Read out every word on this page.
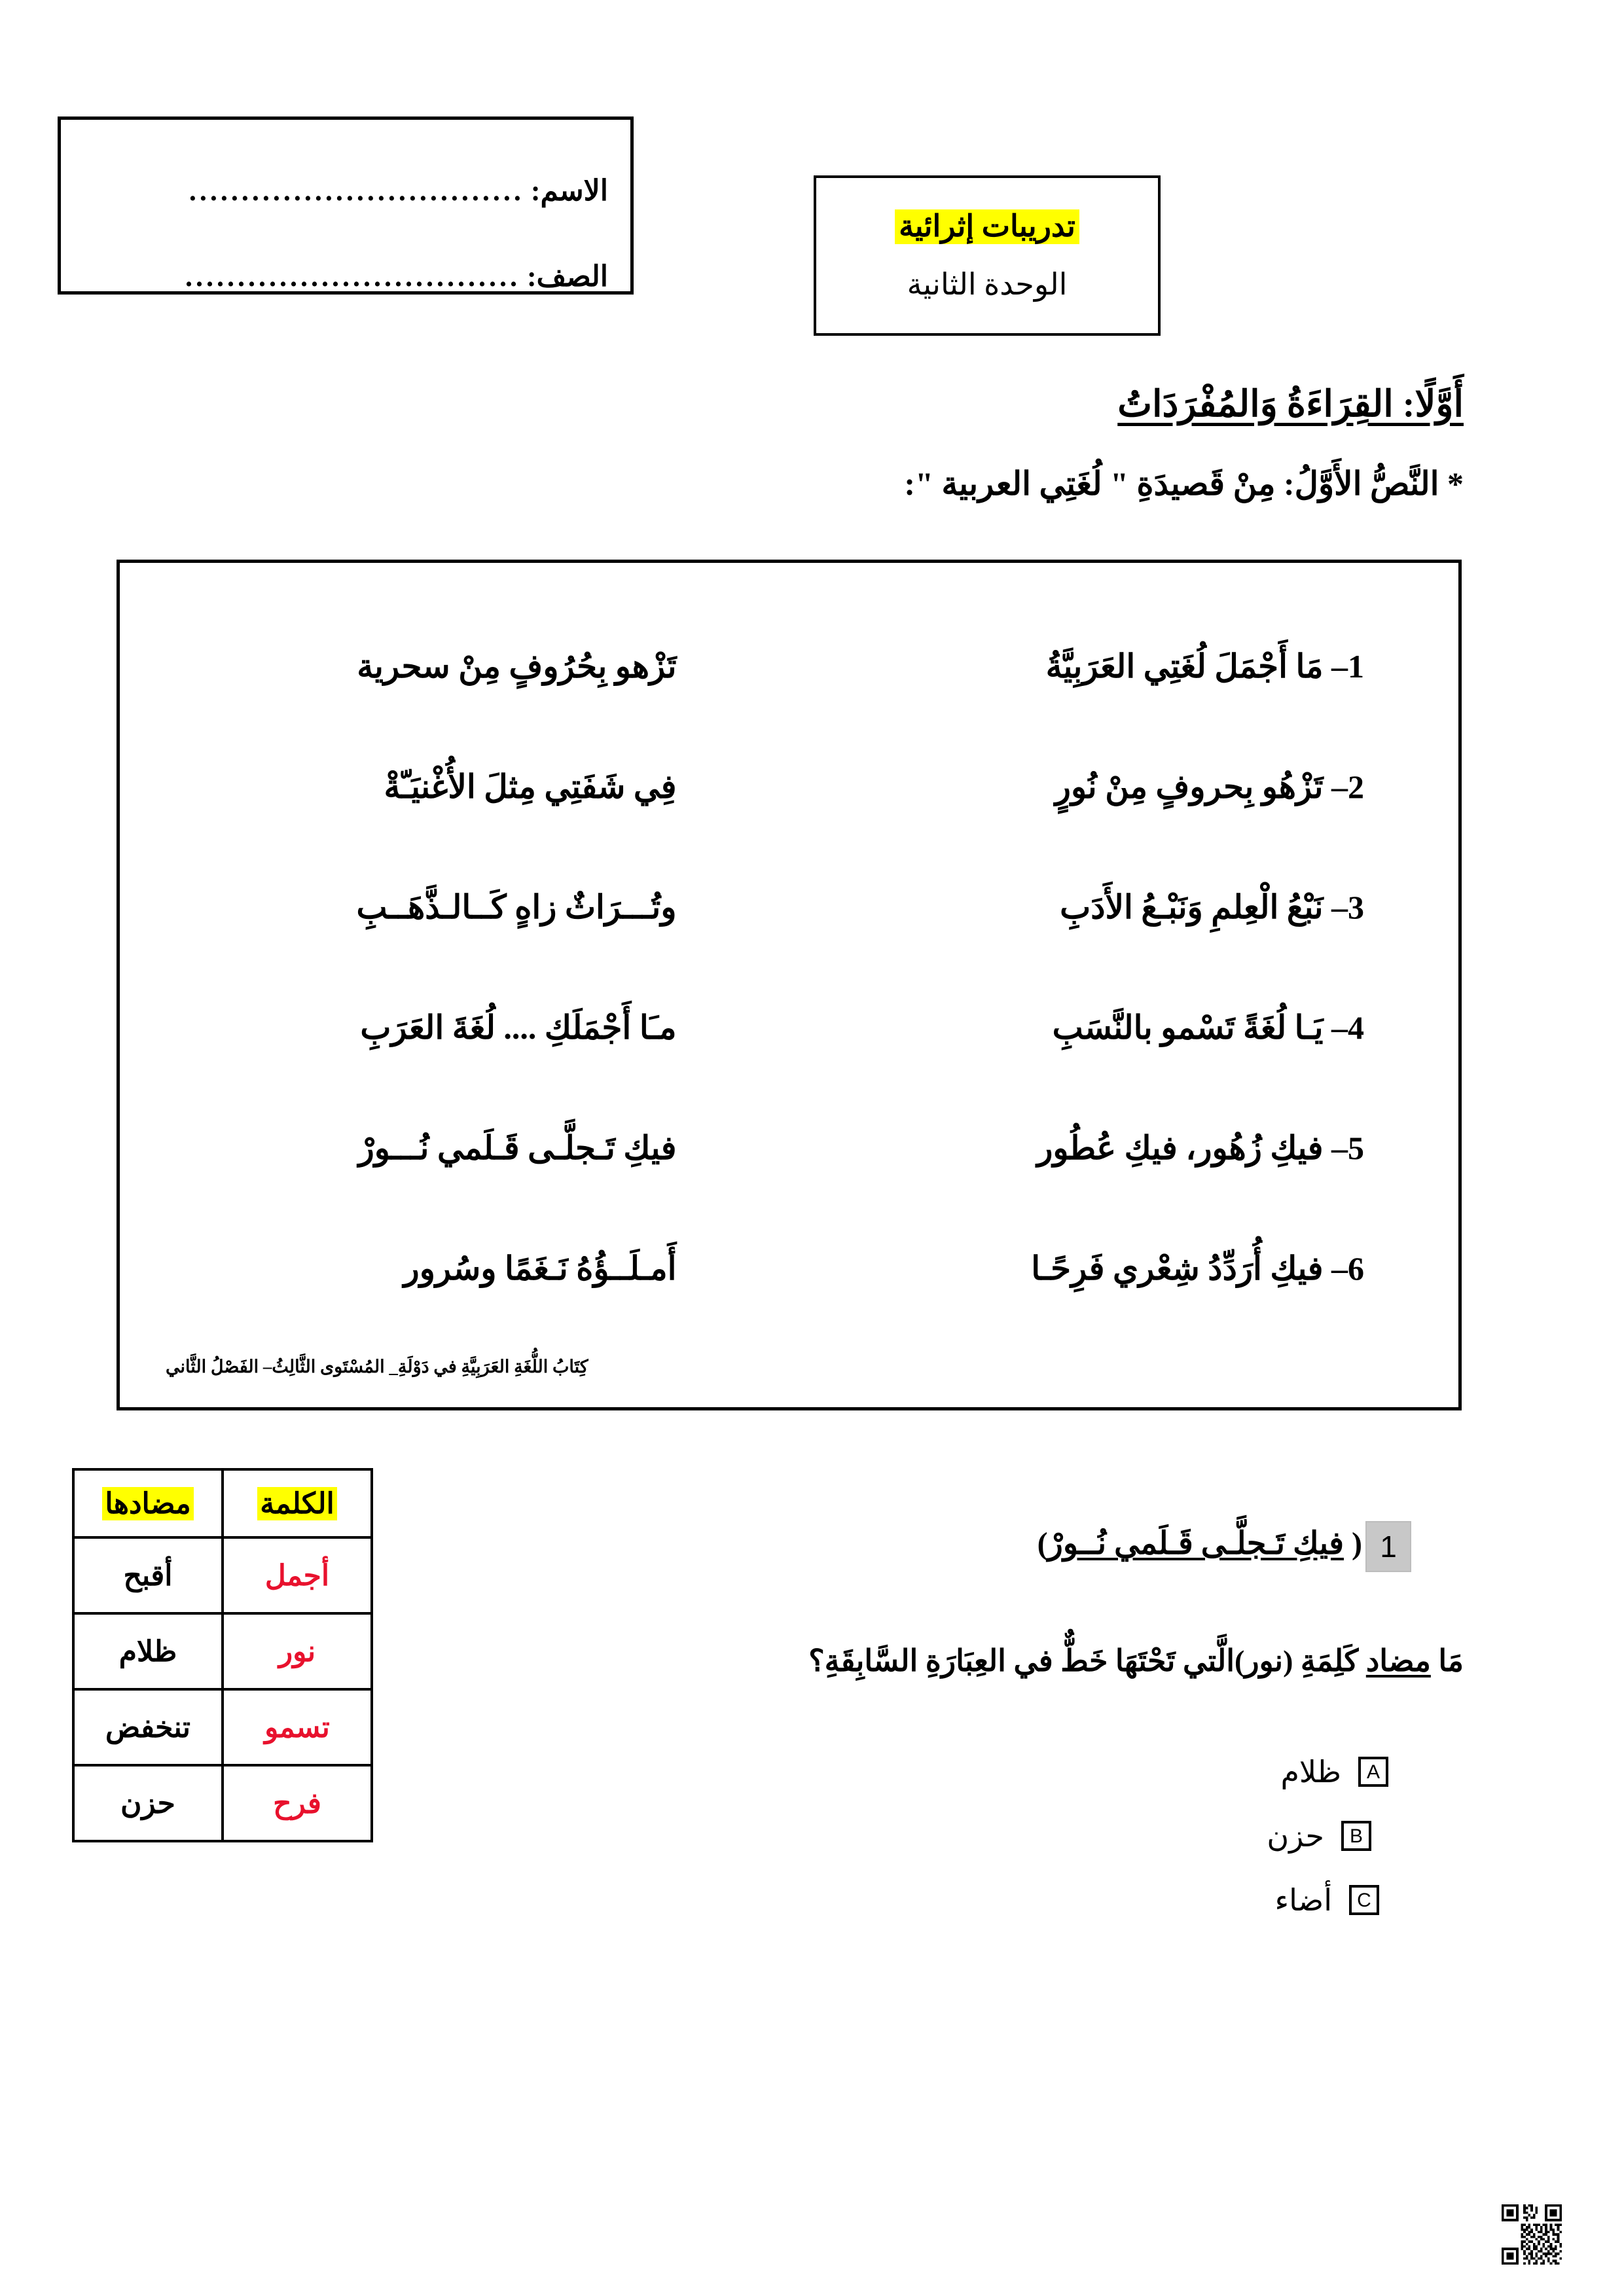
الاسم:
................................
الصف:
................................
تدريبات إثرائية
الوحدة الثانية
أَوَّلًا: القِرَاءَةُ وَالمُفْرَدَاتُ
* النَّصُّ الأَوَّلُ: مِنْ قَصيدَةِ " لُغَتِي العربية ":
1– مَا أَجْمَلَ لُغَتِي العَرَبِيَّةُ
تَزْهو بِحُرُوفٍ مِنْ سحرية
2– تَزْهُو بِحروفٍ مِنْ نُورٍ
فِي شَفَتِي مِثلَ الأُغْنيَـّةْ
3– نَبْعُ الْعِلمِ وَنَبْـعُ الأَدَبِ
وتُـــرَاثٌ زاهٍ كَــالـذَّهَــبِ
4– يَـا لُغَةً تَسْمو بالنَّسَبِ
مـَا أَجْمَلَكِ .... لُغَةَ العَرَبِ
5– فيكِ زُهُور، فيكِ عُطُور
فيكِ تَـجلَّـى قَـلَمي نُـــورْ
6– فيكِ أُرَدِّدُ شِعْري فَرِحًـا
أَمـلَــؤُهُ نَـغَمًا وسُرور
كِتَابُ اللُّغَةِ العَرَبِيَّةِ في دَوْلَةِ_ المُسْتَوى الثَّالِثُ– الفَصْلُ الثَّاني
الكلمة	مضادها
أجمل	أقبح
نور	ظلام
تسمو	تنخفض
فرح	حزن
1
( فيكِ تَـجلَّـى قَـلَمي نُــورْ)
مَا مضاد كَلِمَةِ (نور)الَّتي تَحْتَهَا خَطٌّ في العِبَارَةِ السَّابِقَةِ؟
A
ظلام
B
حزن
C
أضاء
